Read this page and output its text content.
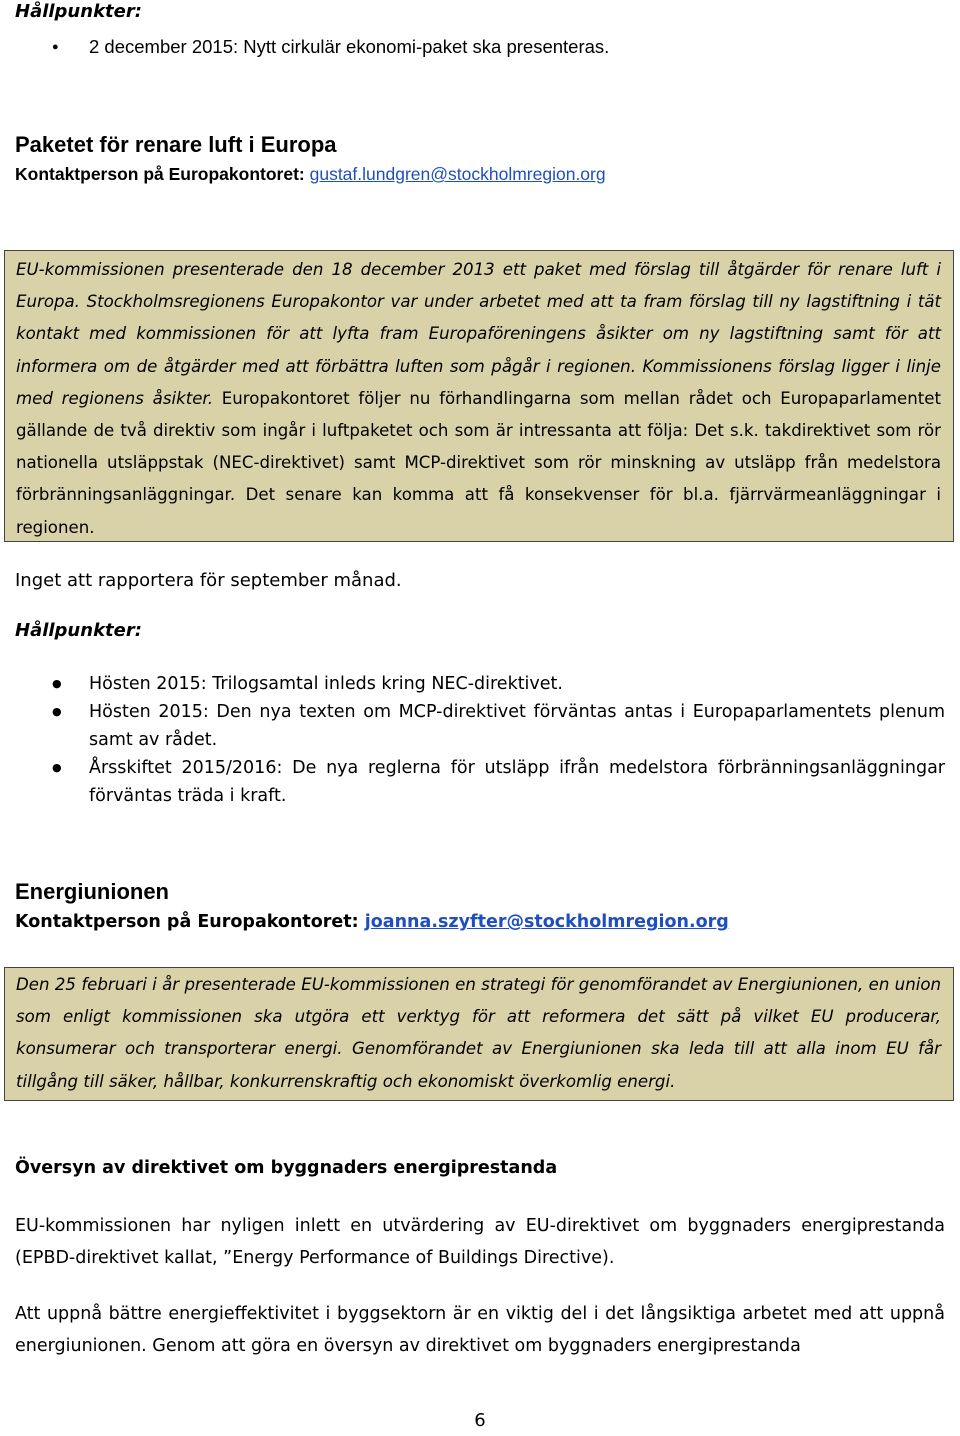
Hållpunkter:
● 2 december 2015: Nytt cirkulär ekonomi-paket ska presenteras.
Paketet för renare luft i Europa
Kontaktperson på Europakontoret: gustaf.lundgren@stockholmregion.org
EU-kommissionen presenterade den 18 december 2013 ett paket med förslag till åtgärder för renare luft i Europa. Stockholmsregionens Europakontor var under arbetet med att ta fram förslag till ny lagstiftning i tät kontakt med kommissionen för att lyfta fram Europaföreningens åsikter om ny lagstiftning samt för att informera om de åtgärder med att förbättra luften som pågår i regionen. Kommissionens förslag ligger i linje med regionens åsikter. Europakontoret följer nu förhandlingarna som mellan rådet och Europaparlamentet gällande de två direktiv som ingår i luftpaketet och som är intressanta att följa: Det s.k. takdirektivet som rör nationella utsläppstak (NEC-direktivet) samt MCP-direktivet som rör minskning av utsläpp från medelstora förbränningsanläggningar. Det senare kan komma att få konsekvenser för bl.a. fjärrvärmeanläggningar i regionen.
Inget att rapportera för september månad.
Hållpunkter:
● Hösten 2015: Trilogsamtal inleds kring NEC-direktivet.
● Hösten 2015: Den nya texten om MCP-direktivet förväntas antas i Europaparlamentets plenum samt av rådet.
● Årsskiftet 2015/2016: De nya reglerna för utsläpp ifrån medelstora förbränningsanläggningar förväntas träda i kraft.
Energiunionen
Kontaktperson på Europakontoret: joanna.szyfter@stockholmregion.org
Den 25 februari i år presenterade EU-kommissionen en strategi för genomförandet av Energiunionen, en union som enligt kommissionen ska utgöra ett verktyg för att reformera det sätt på vilket EU producerar, konsumerar och transporterar energi. Genomförandet av Energiunionen ska leda till att alla inom EU får tillgång till säker, hållbar, konkurrenskraftig och ekonomiskt överkomlig energi.
Översyn av direktivet om byggnaders energiprestanda
EU-kommissionen har nyligen inlett en utvärdering av EU-direktivet om byggnaders energiprestanda (EPBD-direktivet kallat, ”Energy Performance of Buildings Directive).
Att uppnå bättre energieffektivitet i byggsektorn är en viktig del i det långsiktiga arbetet med att uppnå energiunionen. Genom att göra en översyn av direktivet om byggnaders energiprestanda
6
